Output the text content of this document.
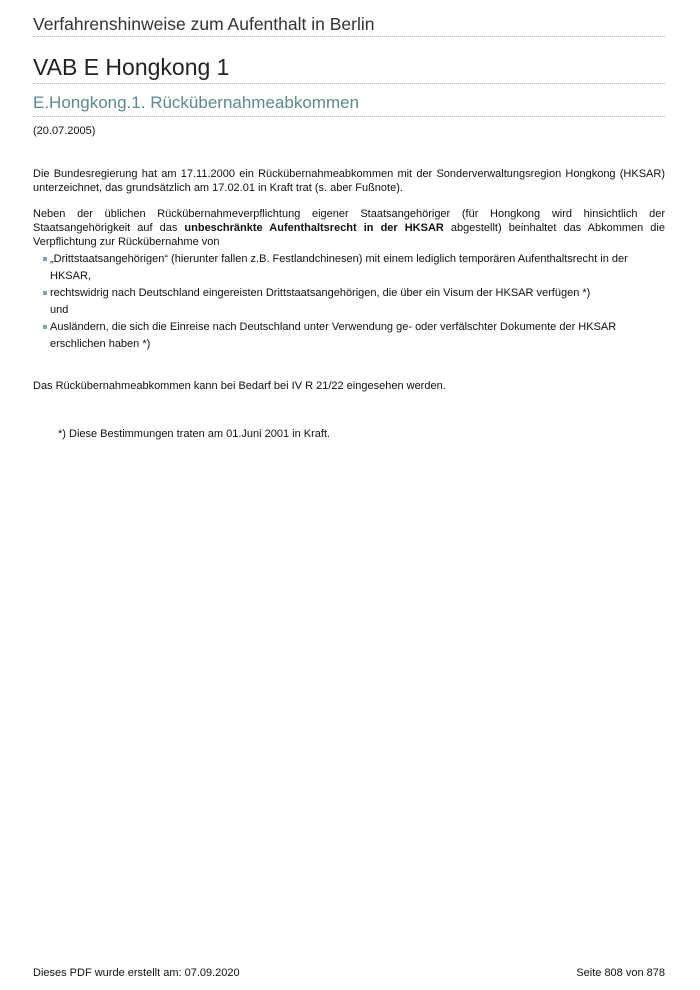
Verfahrenshinweise zum Aufenthalt in Berlin
VAB E Hongkong 1
E.Hongkong.1. Rückübernahmeabkommen
(20.07.2005)

Die Bundesregierung hat am 17.11.2000 ein Rückübernahmeabkommen mit der Sonderverwaltungsregion Hongkong (HKSAR) unterzeichnet, das grundsätzlich am 17.02.01 in Kraft trat (s. aber Fußnote).

Neben der üblichen Rückübernahmeverpflichtung eigener Staatsangehöriger (für Hongkong wird hinsichtlich der Staatsangehörigkeit auf das unbeschränkte Aufenthaltsrecht in der HKSAR abgestellt) beinhaltet das Abkommen die Verpflichtung zur Rückübernahme von

„Drittstaatsangehörigen“ (hierunter fallen z.B. Festlandchinesen) mit einem lediglich temporären Aufenthaltsrecht in der HKSAR,
rechtswidrig nach Deutschland eingereisten Drittstaatsangehörigen, die über ein Visum der HKSAR verfügen *)
und
Ausländern, die sich die Einreise nach Deutschland unter Verwendung ge- oder verfälschter Dokumente der HKSAR erschlichen haben *)

Das Rückübernahmeabkommen kann bei Bedarf bei IV R 21/22 eingesehen werden.

*) Diese Bestimmungen traten am 01.Juni 2001 in Kraft.
Dieses PDF wurde erstellt am: 07.09.2020	Seite 808 von 878
